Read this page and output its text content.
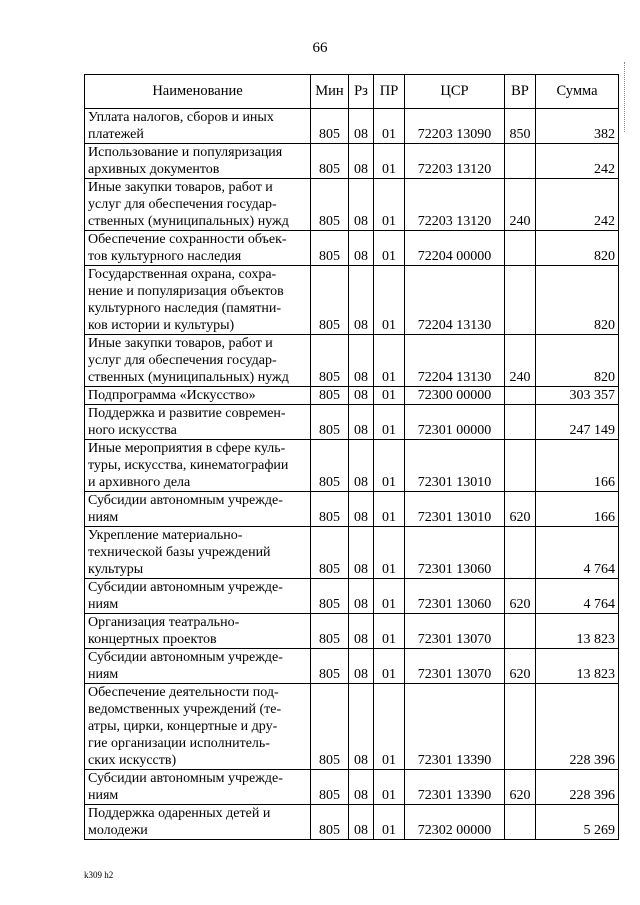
66
Наименование	Мин	Рз	ПР	ЦСР	ВР	Сумма
Уплата налогов, сборов и иных
платежей	805	08	01	72203 13090	850	382
Использование и популяризация
архивных документов	805	08	01	72203 13120		242
Иные закупки товаров, работ и
услуг для обеспечения государ-
ственных (муниципальных) нужд	805	08	01	72203 13120	240	242
Обеспечение сохранности объек-
тов культурного наследия	805	08	01	72204 00000		820
Государственная охрана, сохра-
нение и популяризация объектов
культурного наследия (памятни-
ков истории и культуры)	805	08	01	72204 13130		820
Иные закупки товаров, работ и
услуг для обеспечения государ-
ственных (муниципальных) нужд	805	08	01	72204 13130	240	820
Подпрограмма «Искусство»	805	08	01	72300 00000		303 357
Поддержка и развитие современ-
ного искусства	805	08	01	72301 00000		247 149
Иные мероприятия в сфере куль-
туры, искусства, кинематографии
и архивного дела	805	08	01	72301 13010		166
Субсидии автономным учрежде-
ниям	805	08	01	72301 13010	620	166
Укрепление материально-
технической базы учреждений
культуры	805	08	01	72301 13060		4 764
Субсидии автономным учрежде-
ниям	805	08	01	72301 13060	620	4 764
Организация театрально-
концертных проектов	805	08	01	72301 13070		13 823
Субсидии автономным учрежде-
ниям	805	08	01	72301 13070	620	13 823
Обеспечение деятельности под-
ведомственных учреждений (те-
атры, цирки, концертные и дру-
гие организации исполнитель-
ских искусств)	805	08	01	72301 13390		228 396
Субсидии автономным учрежде-
ниям	805	08	01	72301 13390	620	228 396
Поддержка одаренных детей и
молодежи	805	08	01	72302 00000		5 269
k309 h2
